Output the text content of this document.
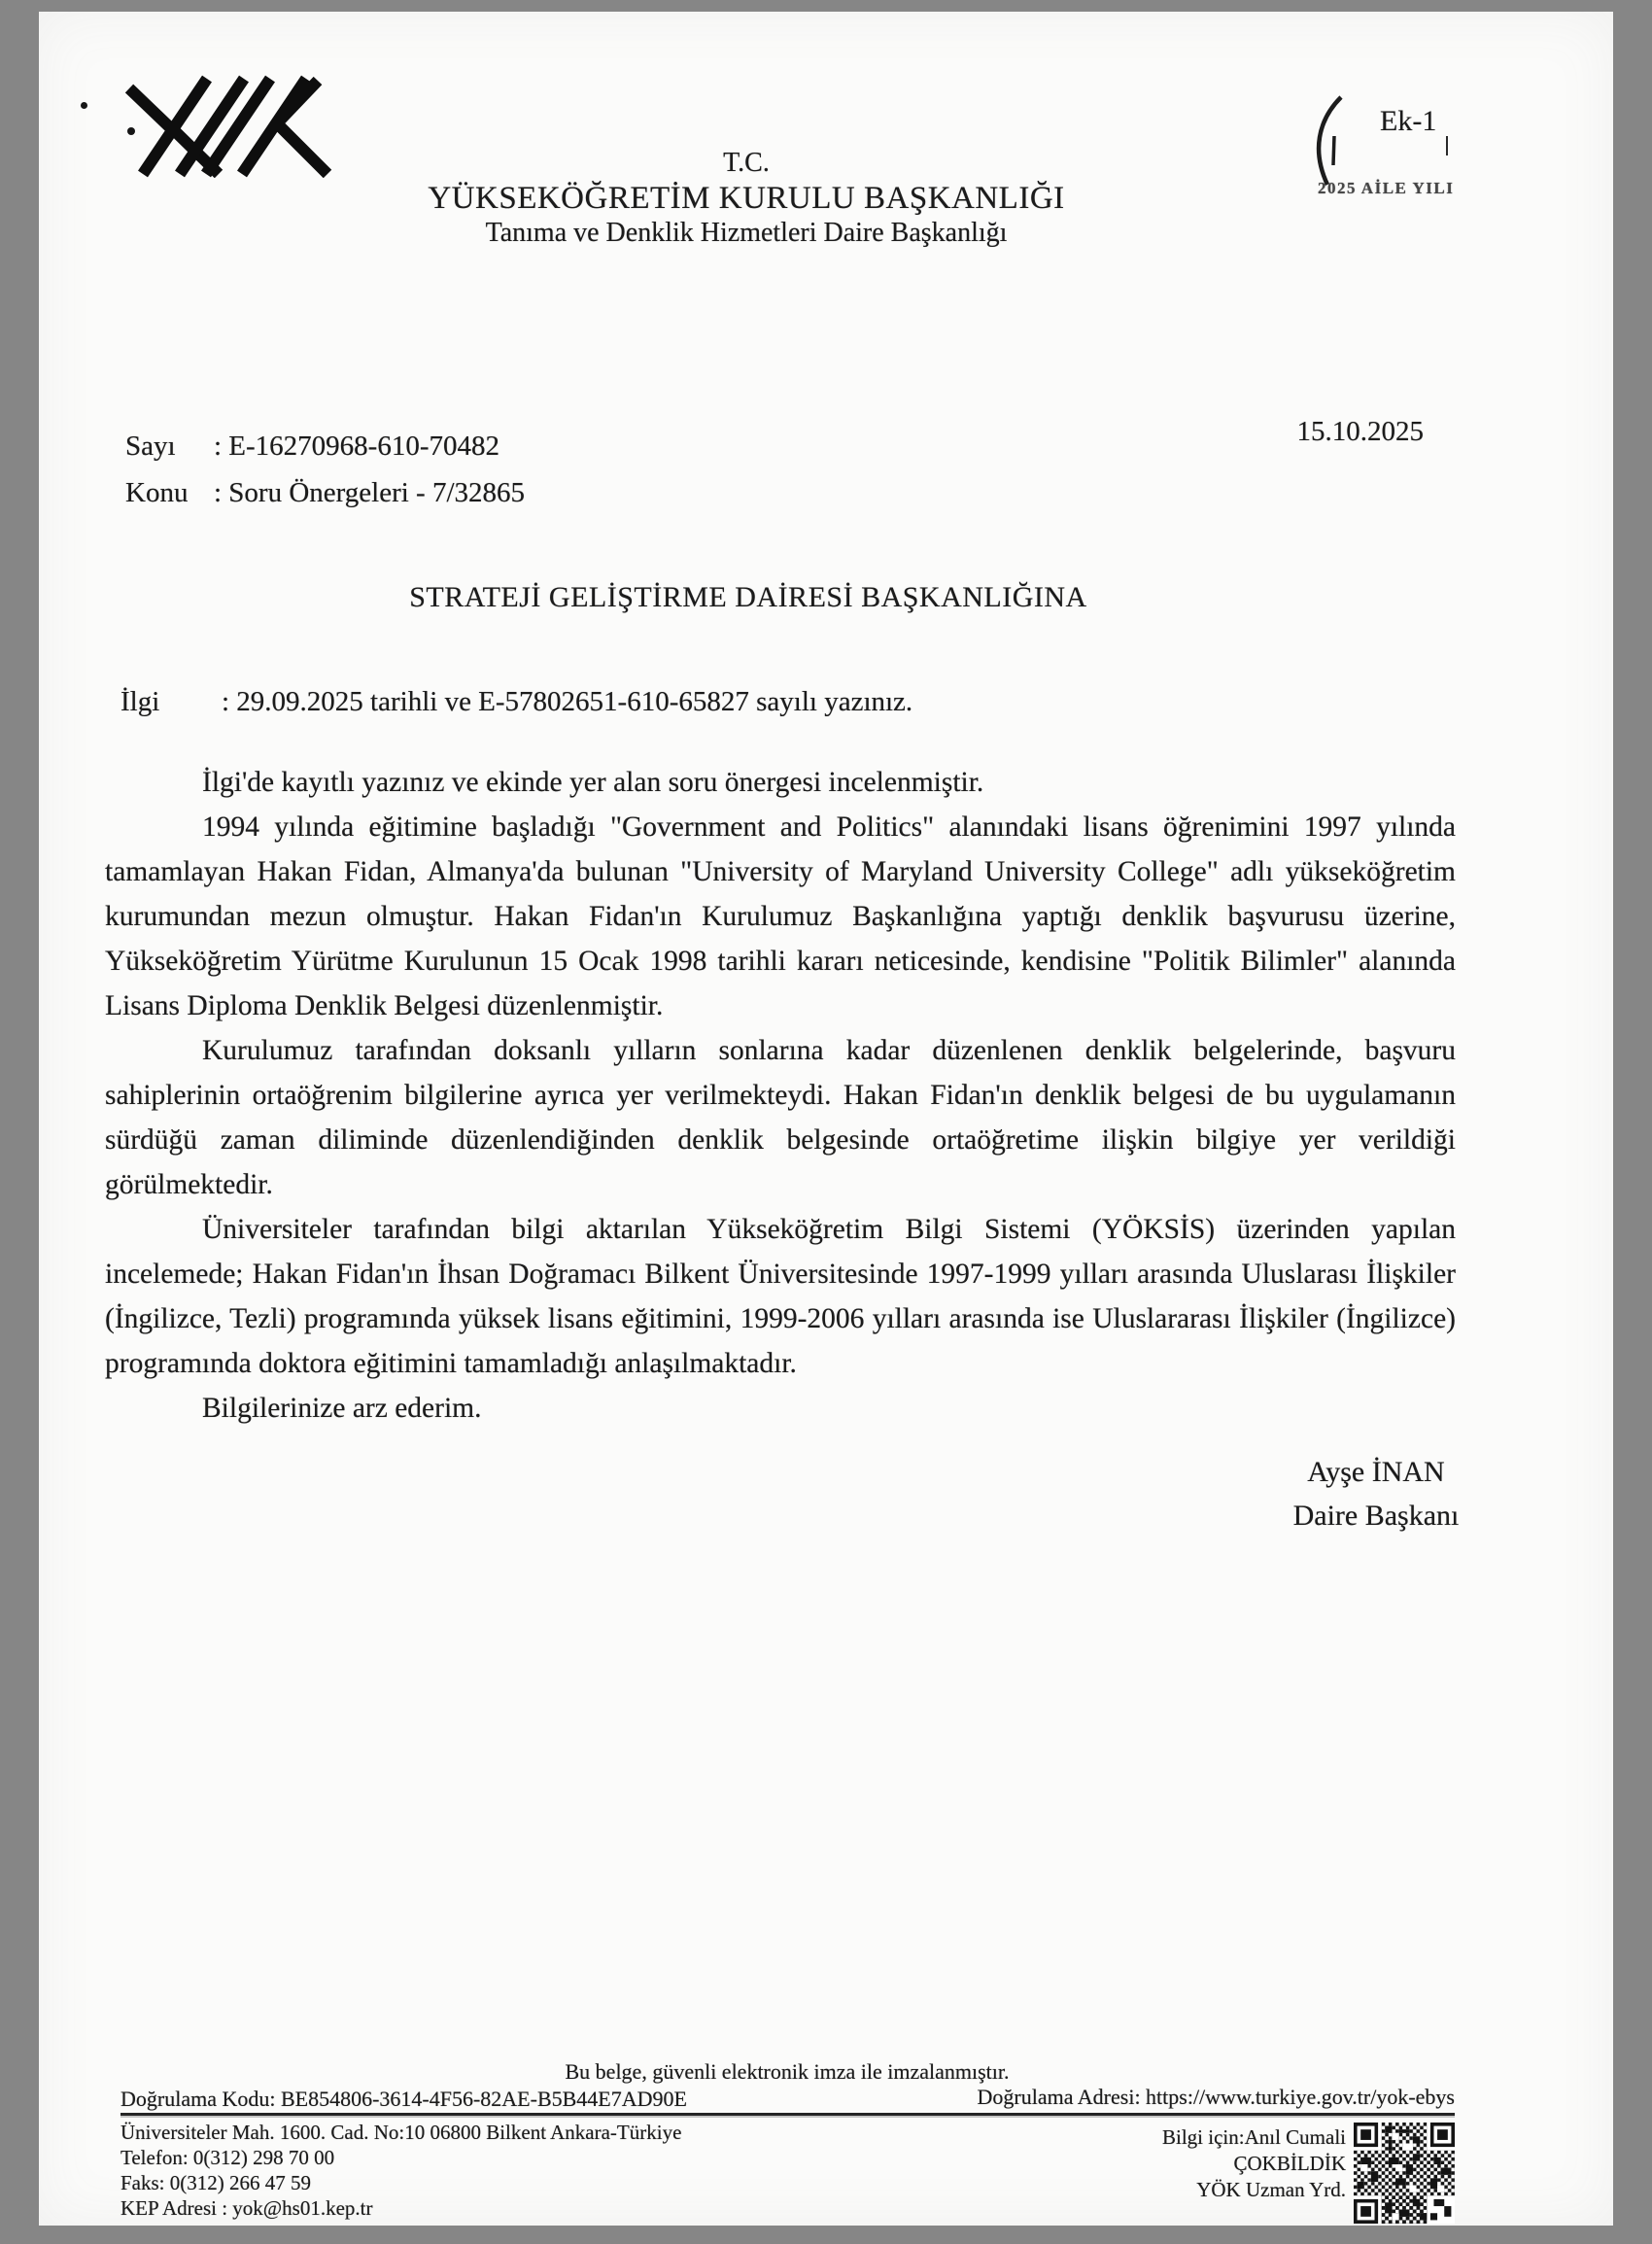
T.C.
YÜKSEKÖĞRETİM KURULU BAŞKANLIĞI
Tanıma ve Denklik Hizmetleri Daire Başkanlığı
Ek-1
2025 AİLE YILI
15.10.2025
Sayı : E-16270968-610-70482
Konu : Soru Önergeleri - 7/32865
STRATEJİ GELİŞTİRME DAİRESİ BAŞKANLIĞINA
İlgi : 29.09.2025 tarihli ve E-57802651-610-65827 sayılı yazınız.

İlgi'de kayıtlı yazınız ve ekinde yer alan soru önergesi incelenmiştir.

1994 yılında eğitimine başladığı "Government and Politics" alanındaki lisans öğrenimini 1997 yılında tamamlayan Hakan Fidan, Almanya'da bulunan "University of Maryland University College" adlı yükseköğretim kurumundan mezun olmuştur. Hakan Fidan'ın Kurulumuz Başkanlığına yaptığı denklik başvurusu üzerine, Yükseköğretim Yürütme Kurulunun 15 Ocak 1998 tarihli kararı neticesinde, kendisine "Politik Bilimler" alanında Lisans Diploma Denklik Belgesi düzenlenmiştir.

Kurulumuz tarafından doksanlı yılların sonlarına kadar düzenlenen denklik belgelerinde, başvuru sahiplerinin ortaöğrenim bilgilerine ayrıca yer verilmekteydi. Hakan Fidan'ın denklik belgesi de bu uygulamanın sürdüğü zaman diliminde düzenlendiğinden denklik belgesinde ortaöğretime ilişkin bilgiye yer verildiği görülmektedir.

Üniversiteler tarafından bilgi aktarılan Yükseköğretim Bilgi Sistemi (YÖKSİS) üzerinden yapılan incelemede; Hakan Fidan'ın İhsan Doğramacı Bilkent Üniversitesinde 1997-1999 yılları arasında Uluslarası İlişkiler (İngilizce, Tezli) programında yüksek lisans eğitimini, 1999-2006 yılları arasında ise Uluslararası İlişkiler (İngilizce) programında doktora eğitimini tamamladığı anlaşılmaktadır.

Bilgilerinize arz ederim.

Ayşe İNAN
Daire Başkanı
Bu belge, güvenli elektronik imza ile imzalanmıştır.
Doğrulama Kodu: BE854806-3614-4F56-82AE-B5B44E7AD90E	Doğrulama Adresi: https://www.turkiye.gov.tr/yok-ebys
Üniversiteler Mah. 1600. Cad. No:10 06800 Bilkent Ankara-Türkiye
Telefon: 0(312) 298 70 00
Faks: 0(312) 266 47 59
KEP Adresi : yok@hs01.kep.tr
Bilgi için:Anıl Cumali
ÇOKBİLDİK
YÖK Uzman Yrd.
